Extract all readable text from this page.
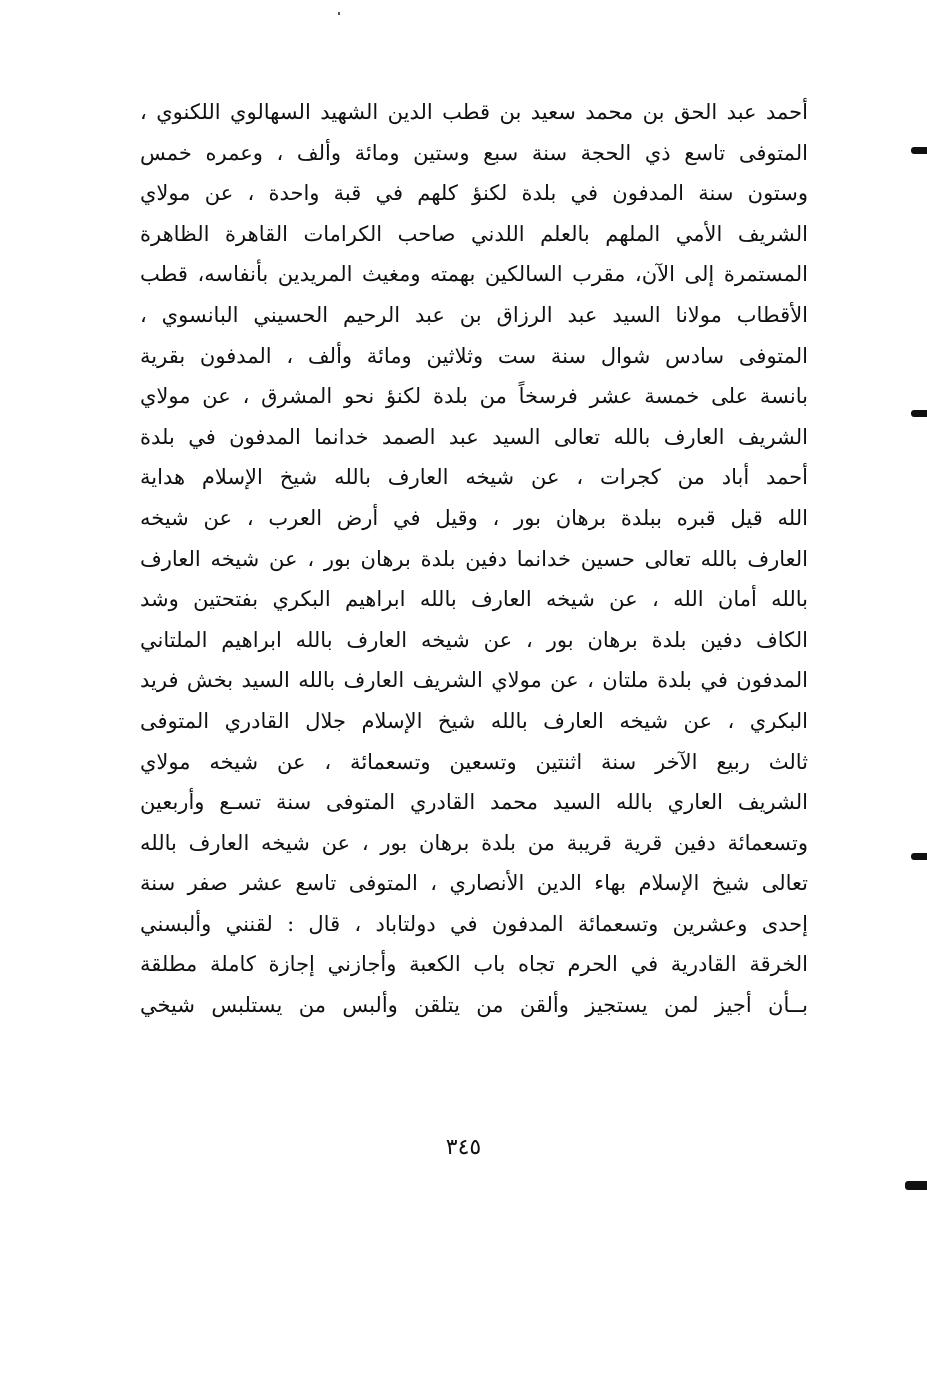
أحمد عبد الحق بن محمد سعيد بن قطب الدين الشهيد السهالوي اللكنوي ،
المتوفى تاسع ذي الحجة سنة سبع وستين ومائة وألف ، وعمره خمس
وستون سنة المدفون في بلدة لكنؤ كلهم في قبة واحدة ، عن مولاي
الشريف الأمي الملهم بالعلم اللدني صاحب الكرامات القاهرة الظاهرة
المستمرة إلى الآن، مقرب السالكين بهمته ومغيث المريدين بأنفاسه، قطب
الأقطاب مولانا السيد عبد الرزاق بن عبد الرحيم الحسيني البانسوي ،
المتوفى سادس شوال سنة ست وثلاثين ومائة وألف ، المدفون بقرية
بانسة على خمسة عشر فرسخاً من بلدة لكنؤ نحو المشرق ، عن مولاي
الشريف العارف بالله تعالى السيد عبد الصمد خدانما المدفون في بلدة
أحمد أباد من كجرات ، عن شيخه العارف بالله شيخ الإسلام هداية
الله قيل قبره ببلدة برهان بور ، وقيل في أرض العرب ، عن شيخه
العارف بالله تعالى حسين خدانما دفين بلدة برهان بور ، عن شيخه العارف
بالله أمان الله ، عن شيخه العارف بالله ابراهيم البكري بفتحتين وشد
الكاف دفين بلدة برهان بور ، عن شيخه العارف بالله ابراهيم الملتاني
المدفون في بلدة ملتان ، عن مولاي الشريف العارف بالله السيد بخش فريد
البكري ، عن شيخه العارف بالله شيخ الإسلام جلال القادري المتوفى
ثالث ربيع الآخر سنة اثنتين وتسعين وتسعمائة ، عن شيخه مولاي
الشريف العاري بالله السيد محمد القادري المتوفى سنة تسـع وأربعين
وتسعمائة دفين قرية قريبة من بلدة برهان بور ، عن شيخه العارف بالله
تعالى شيخ الإسلام بهاء الدين الأنصاري ، المتوفى تاسع عشر صفر سنة
إحدى وعشرين وتسعمائة المدفون في دولتاباد ، قال : لقنني وألبسني
الخرقة القادرية في الحرم تجاه باب الكعبة وأجازني إجازة كاملة مطلقة
بــأن أجيز لمن يستجيز وألقن من يتلقن وألبس من يستلبس شيخي
٣٤٥
